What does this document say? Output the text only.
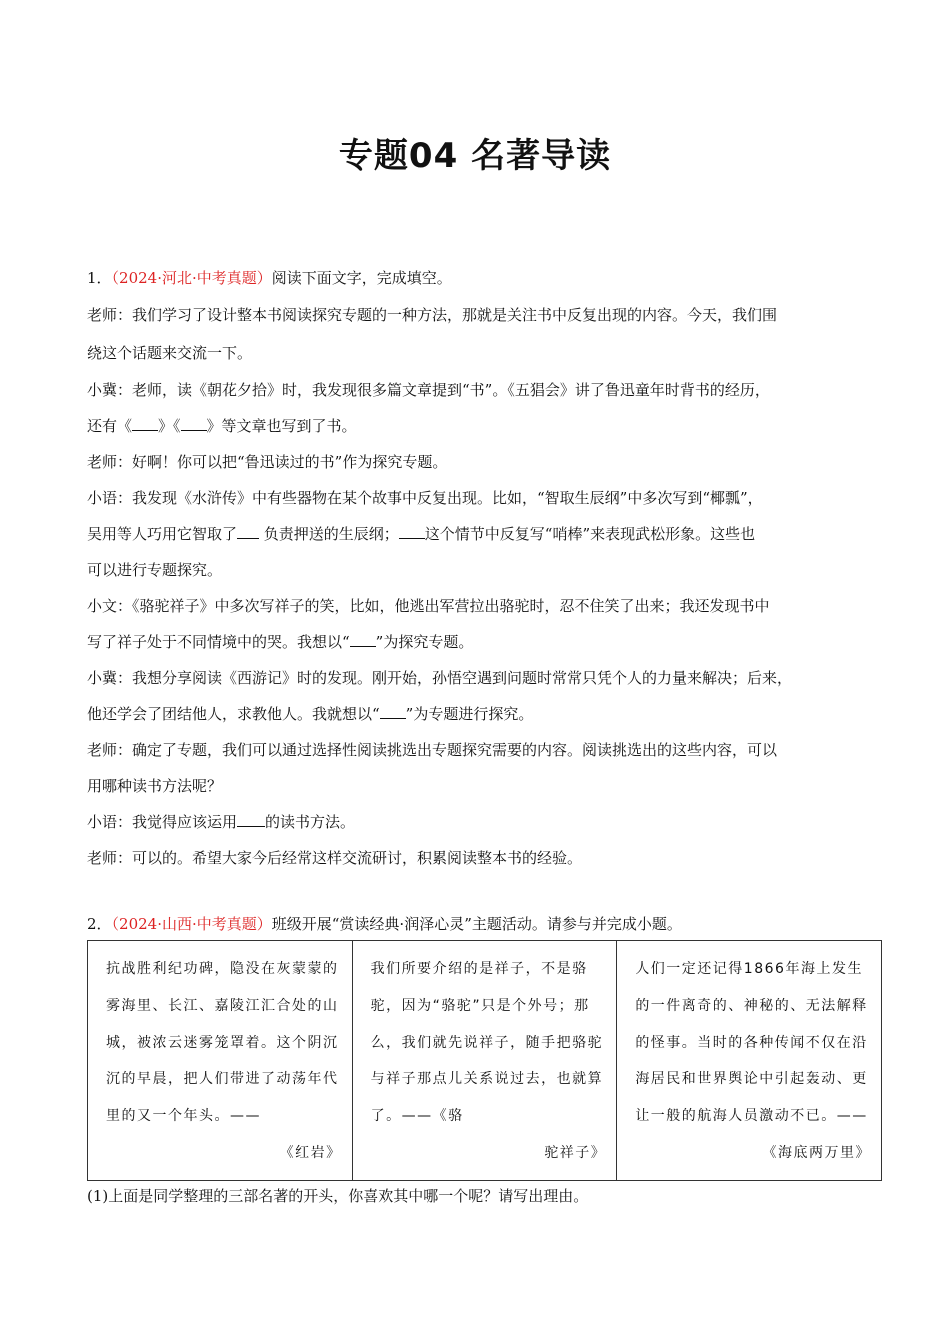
专题04 名著导读
1．（2024·河北·中考真题）阅读下面文字，完成填空。
老师：我们学习了设计整本书阅读探究专题的一种方法，那就是关注书中反复出现的内容。今天，我们围
绕这个话题来交流一下。
小冀：老师，读《朝花夕拾》时，我发现很多篇文章提到“书”。《五猖会》讲了鲁迅童年时背书的经历，
还有《 》《 》等文章也写到了书。
老师：好啊！你可以把“鲁迅读过的书”作为探究专题。
小语：我发现《水浒传》中有些器物在某个故事中反复出现。比如，“智取生辰纲”中多次写到“椰瓢”，
吴用等人巧用它智取了 负责押送的生辰纲； 这个情节中反复写“哨棒”来表现武松形象。这些也
可以进行专题探究。
小文：《骆驼祥子》中多次写祥子的笑，比如，他逃出军营拉出骆驼时，忍不住笑了出来；我还发现书中
写了祥子处于不同情境中的哭。我想以“ ”为探究专题。
小冀：我想分享阅读《西游记》时的发现。刚开始，孙悟空遇到问题时常常只凭个人的力量来解决；后来，
他还学会了团结他人，求教他人。我就想以“ ”为专题进行探究。
老师：确定了专题，我们可以通过选择性阅读挑选出专题探究需要的内容。阅读挑选出的这些内容，可以
用哪种读书方法呢？
小语：我觉得应该运用 的读书方法。
老师：可以的。希望大家今后经常这样交流研讨，积累阅读整本书的经验。
2．（2024·山西·中考真题）班级开展“赏读经典·润泽心灵”主题活动。请参与并完成小题。
抗战胜利纪功碑，隐没在灰蒙蒙的雾海里、长江、嘉陵江汇合处的山城，被浓云迷雾笼罩着。这个阴沉沉的早晨，把人们带进了动荡年代里的又一个年头。——
《红岩》
	我们所要介绍的是祥子，不是骆驼，因为“骆驼”只是个外号；那么，我们就先说祥子，随手把骆驼与祥子那点儿关系说过去，也就算了。——《骆
驼祥子》
	人们一定还记得1866年海上发生的一件离奇的、神秘的、无法解释的怪事。当时的各种传闻不仅在沿海居民和世界舆论中引起轰动、更让一般的航海人员激动不已。——
《海底两万里》
(1)上面是同学整理的三部名著的开头，你喜欢其中哪一个呢？请写出理由。
